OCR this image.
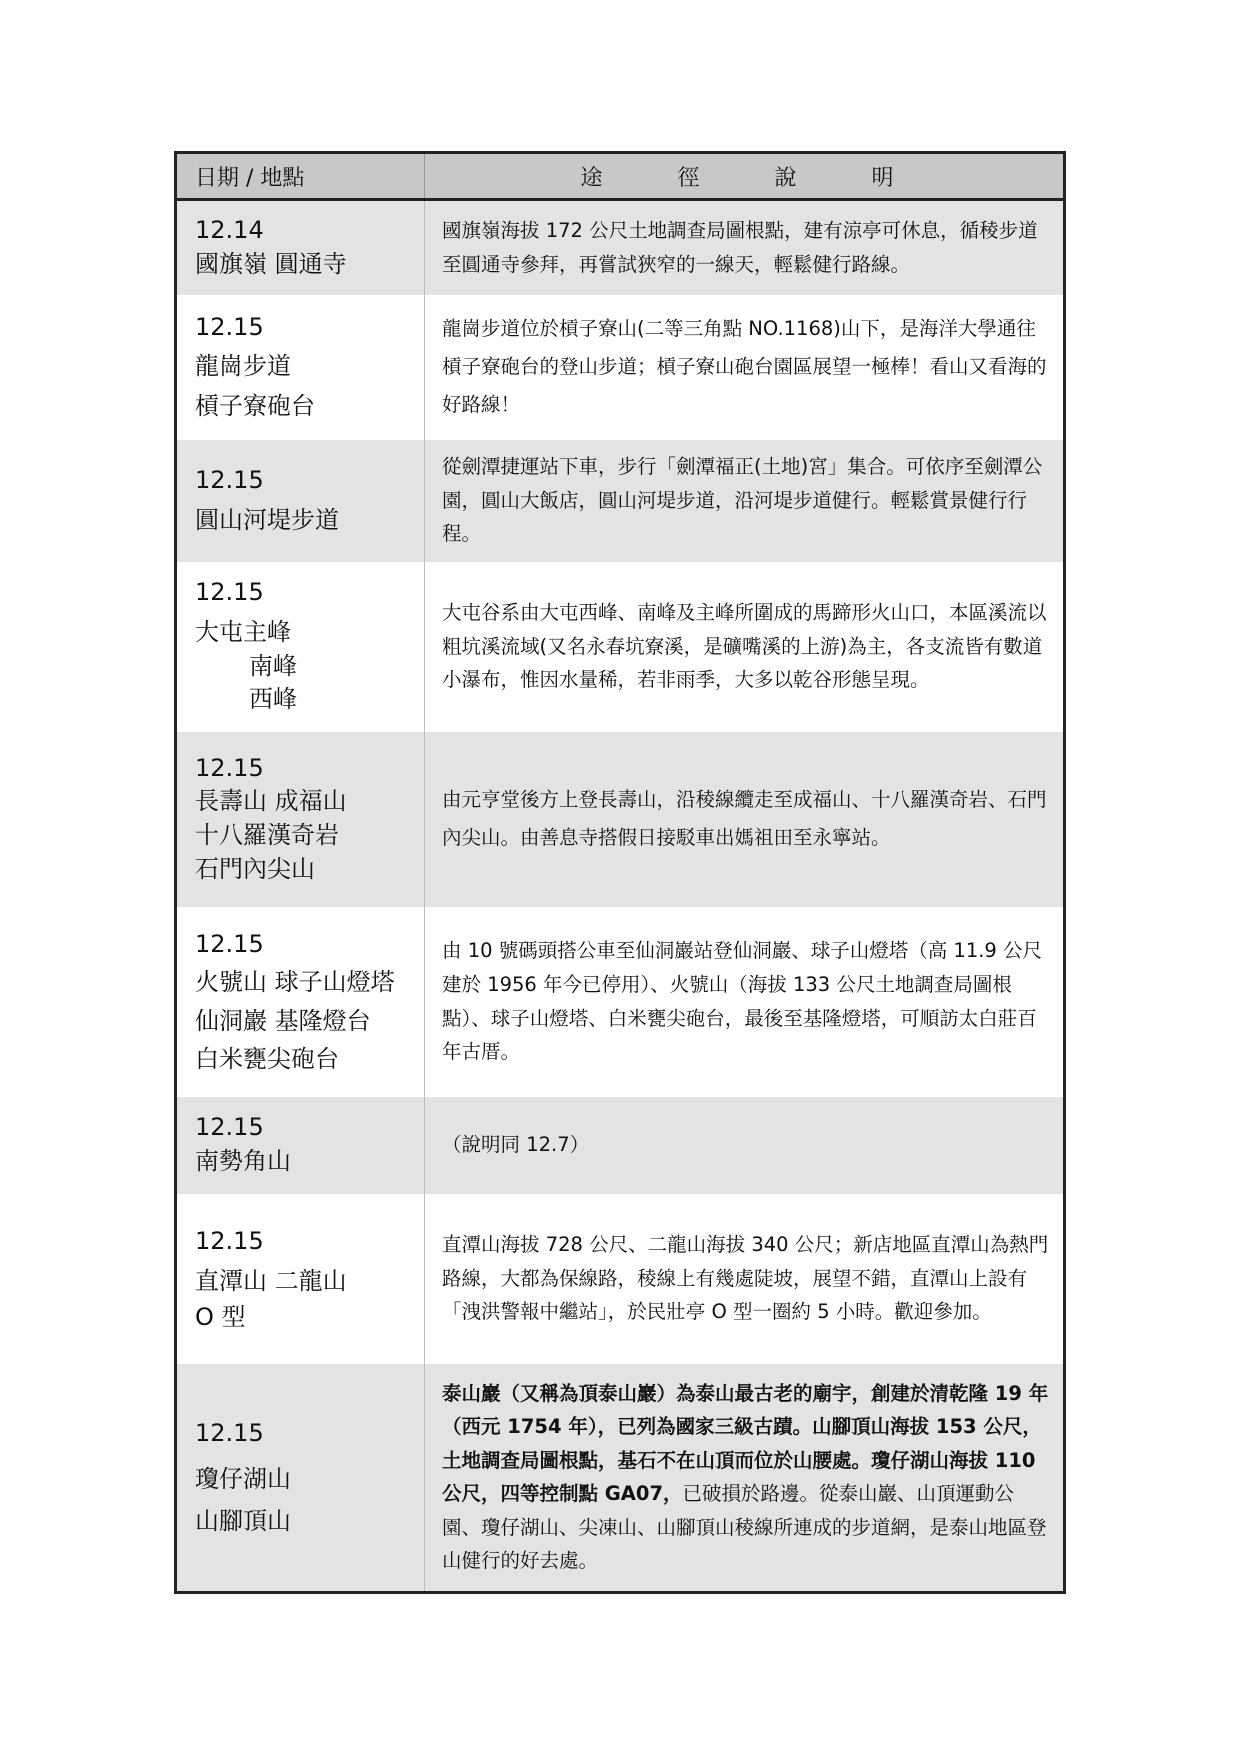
日期 / 地點	途 徑 說 明

12.14
國旗嶺 圓通寺	國旗嶺海拔 172 公尺土地調查局圖根點，建有涼亭可休息，循稜步道至圓通寺參拜，再嘗試狹窄的一線天，輕鬆健行路線。

12.15
龍崗步道
槓子寮砲台	龍崗步道位於槓子寮山(二等三角點 NO.1168)山下，是海洋大學通往槓子寮砲台的登山步道；槓子寮山砲台園區展望一極棒！看山又看海的好路線！

12.15
圓山河堤步道	從劍潭捷運站下車，步行「劍潭福正(土地)宮」集合。可依序至劍潭公園，圓山大飯店，圓山河堤步道，沿河堤步道健行。輕鬆賞景健行行程。

12.15
大屯主峰
南峰
西峰	大屯谷系由大屯西峰、南峰及主峰所圍成的馬蹄形火山口，本區溪流以粗坑溪流域(又名永春坑寮溪，是礦嘴溪的上游)為主，各支流皆有數道小瀑布，惟因水量稀，若非雨季，大多以乾谷形態呈現。

12.15
長壽山 成福山
十八羅漢奇岩
石門內尖山	由元亨堂後方上登長壽山，沿稜線纜走至成福山、十八羅漢奇岩、石門內尖山。由善息寺搭假日接駁車出媽祖田至永寧站。

12.15
火號山 球子山燈塔
仙洞巖 基隆燈台
白米甕尖砲台	由 10 號碼頭搭公車至仙洞巖站登仙洞巖、球子山燈塔（高 11.9 公尺建於 1956 年今已停用）、火號山（海拔 133 公尺土地調查局圖根點）、球子山燈塔、白米甕尖砲台，最後至基隆燈塔，可順訪太白莊百年古厝。

12.15
南勢角山	（說明同 12.7）

12.15
直潭山 二龍山
O 型	直潭山海拔 728 公尺、二龍山海拔 340 公尺；新店地區直潭山為熱門路線，大都為保線路，稜線上有幾處陡坡，展望不錯，直潭山上設有「洩洪警報中繼站」，於民壯亭 O 型一圈約 5 小時。歡迎參加。

12.15
瓊仔湖山
山腳頂山	泰山巖（又稱為頂泰山巖）為泰山最古老的廟宇，創建於清乾隆 19 年（西元 1754 年），已列為國家三級古蹟。山腳頂山海拔 153 公尺，土地調查局圖根點，基石不在山頂而位於山腰處。瓊仔湖山海拔 110 公尺，四等控制點 GA07，已破損於路邊。從泰山巖、山頂運動公園、瓊仔湖山、尖凍山、山腳頂山稜線所連成的步道網，是泰山地區登山健行的好去處。
